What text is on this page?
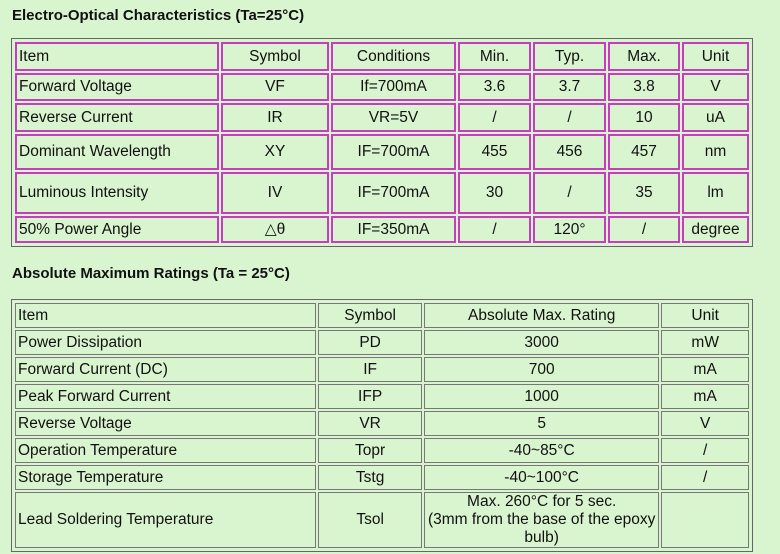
Electro-Optical Characteristics (Ta=25°C)
Item	Symbol	Conditions	Min.	Typ.	Max.	Unit
Forward Voltage	VF	If=700mA	3.6	3.7	3.8	V
Reverse Current	IR	VR=5V	/	/	10	uA
Dominant Wavelength	XY	IF=700mA	455	456	457	nm
Luminous Intensity	IV	IF=700mA	30	/	35	lm
50% Power Angle	△θ	IF=350mA	/	120°	/	degree
Absolute Maximum Ratings (Ta = 25°C)
Item	Symbol	Absolute Max. Rating	Unit
Power Dissipation	PD	3000	mW
Forward Current (DC)	IF	700	mA
Peak Forward Current	IFP	1000	mA
Reverse Voltage	VR	5	V
Operation Temperature	Topr	-40~85°C	/
Storage Temperature	Tstg	-40~100°C	/
Lead Soldering Temperature	Tsol	Max. 260°C for 5 sec.
(3mm from the base of the epoxy bulb)	
